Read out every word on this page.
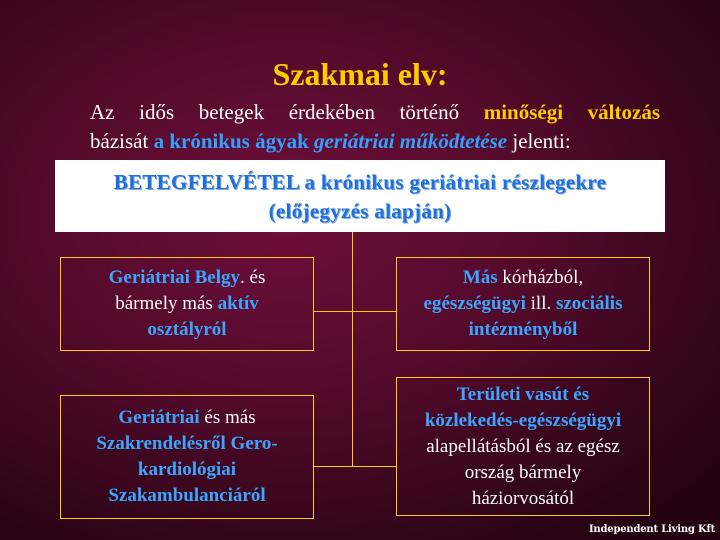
Szakmai elv:
Az idős betegek érdekében történő minőségi változás
bázisát a krónikus ágyak geriátriai működtetése jelenti:
BETEGFELVÉTEL a krónikus geriátriai részlegekre
(előjegyzés alapján)
Geriátriai Belgy. és
bármely más aktív
osztályról
Más kórházból,
egészségügyi ill. szociális
intézményből
Geriátriai és más
Szakrendelésről Gero-
kardiológiai
Szakambulanciáról
Területi vasút és
közlekedés-egészségügyi
alapellátásból és az egész
ország bármely
háziorvosától
Independent Living Kft
